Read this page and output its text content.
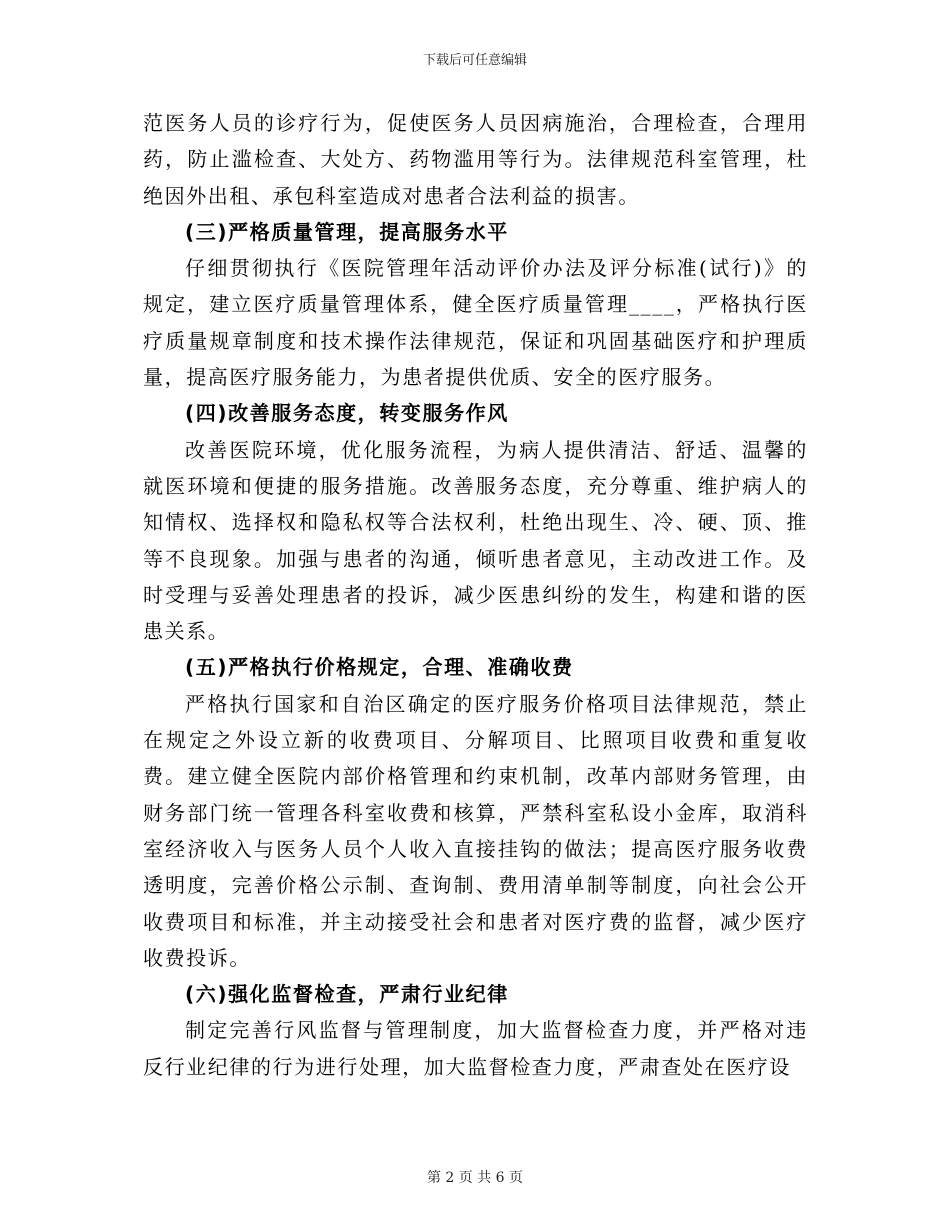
下载后可任意编辑

范医务人员的诊疗行为，促使医务人员因病施治，合理检查，合理用药，防止滥检查、大处方、药物滥用等行为。法律规范科室管理，杜绝因外出租、承包科室造成对患者合法利益的损害。

(三)严格质量管理，提高服务水平

仔细贯彻执行《医院管理年活动评价办法及评分标准(试行)》的规定，建立医疗质量管理体系，健全医疗质量管理____，严格执行医疗质量规章制度和技术操作法律规范，保证和巩固基础医疗和护理质量，提高医疗服务能力，为患者提供优质、安全的医疗服务。

(四)改善服务态度，转变服务作风

改善医院环境，优化服务流程，为病人提供清洁、舒适、温馨的就医环境和便捷的服务措施。改善服务态度，充分尊重、维护病人的知情权、选择权和隐私权等合法权利，杜绝出现生、冷、硬、顶、推等不良现象。加强与患者的沟通，倾听患者意见，主动改进工作。及时受理与妥善处理患者的投诉，减少医患纠纷的发生，构建和谐的医患关系。

(五)严格执行价格规定，合理、准确收费

严格执行国家和自治区确定的医疗服务价格项目法律规范，禁止在规定之外设立新的收费项目、分解项目、比照项目收费和重复收费。建立健全医院内部价格管理和约束机制，改革内部财务管理，由财务部门统一管理各科室收费和核算，严禁科室私设小金库，取消科室经济收入与医务人员个人收入直接挂钩的做法；提高医疗服务收费透明度，完善价格公示制、查询制、费用清单制等制度，向社会公开收费项目和标准，并主动接受社会和患者对医疗费的监督，减少医疗收费投诉。

(六)强化监督检查，严肃行业纪律

制定完善行风监督与管理制度，加大监督检查力度，并严格对违反行业纪律的行为进行处理，加大监督检查力度，严肃查处在医疗设

第 2 页 共 6 页
